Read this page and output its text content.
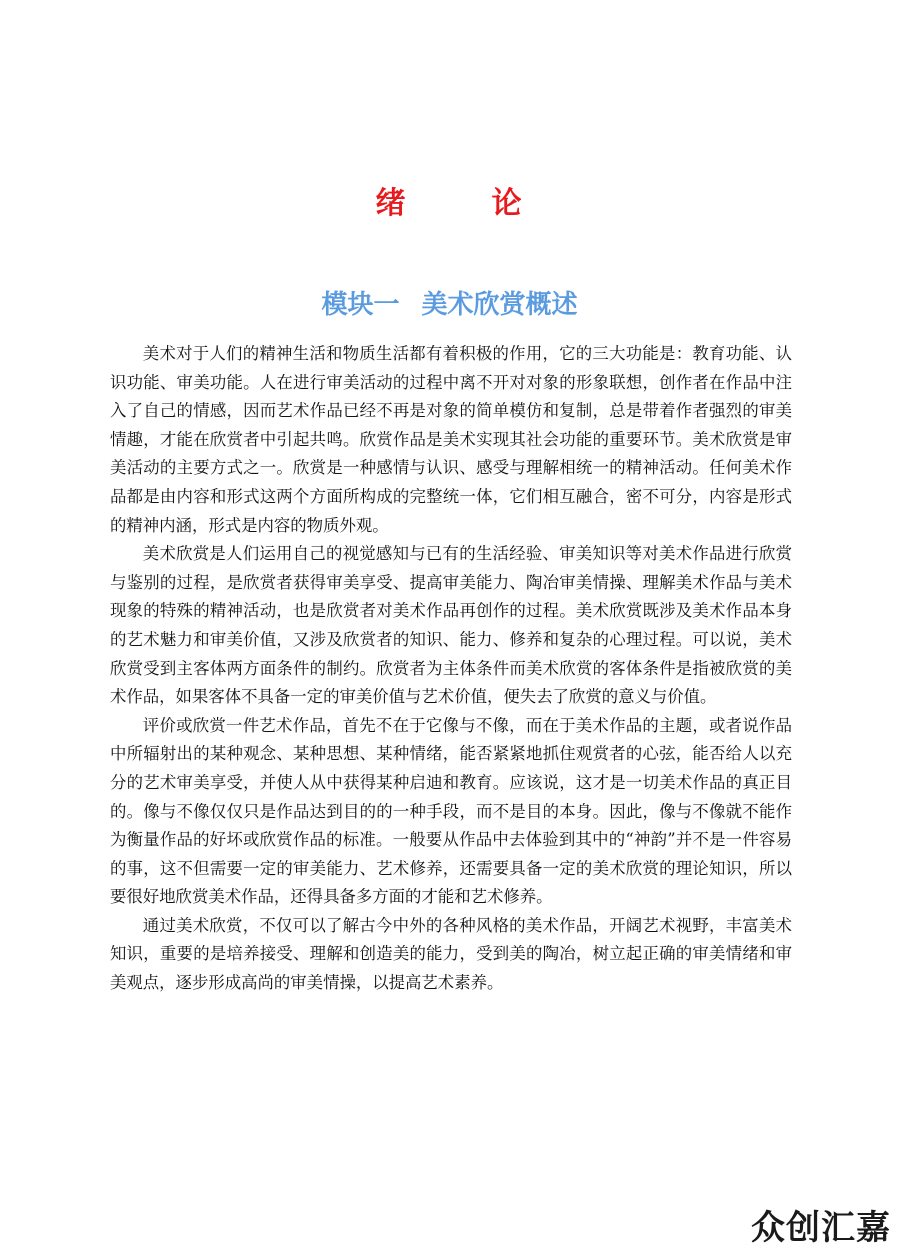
绪	论
模块一 美术欣赏概述

美术对于人们的精神生活和物质生活都有着积极的作用，它的三大功能是：教育功能、认识功能、审美功能。人在进行审美活动的过程中离不开对对象的形象联想，创作者在作品中注入了自己的情感，因而艺术作品已经不再是对象的简单模仿和复制，总是带着作者强烈的审美情趣，才能在欣赏者中引起共鸣。欣赏作品是美术实现其社会功能的重要环节。美术欣赏是审美活动的主要方式之一。欣赏是一种感情与认识、感受与理解相统一的精神活动。任何美术作品都是由内容和形式这两个方面所构成的完整统一体，它们相互融合，密不可分，内容是形式的精神内涵，形式是内容的物质外观。

美术欣赏是人们运用自己的视觉感知与已有的生活经验、审美知识等对美术作品进行欣赏与鉴别的过程，是欣赏者获得审美享受、提高审美能力、陶冶审美情操、理解美术作品与美术现象的特殊的精神活动，也是欣赏者对美术作品再创作的过程。美术欣赏既涉及美术作品本身的艺术魅力和审美价值，又涉及欣赏者的知识、能力、修养和复杂的心理过程。可以说，美术欣赏受到主客体两方面条件的制约。欣赏者为主体条件而美术欣赏的客体条件是指被欣赏的美术作品，如果客体不具备一定的审美价值与艺术价值，便失去了欣赏的意义与价值。

评价或欣赏一件艺术作品，首先不在于它像与不像，而在于美术作品的主题，或者说作品中所辐射出的某种观念、某种思想、某种情绪，能否紧紧地抓住观赏者的心弦，能否给人以充分的艺术审美享受，并使人从中获得某种启迪和教育。应该说，这才是一切美术作品的真正目的。像与不像仅仅只是作品达到目的的一种手段，而不是目的本身。因此，像与不像就不能作为衡量作品的好坏或欣赏作品的标准。一般要从作品中去体验到其中的“神韵”并不是一件容易的事，这不但需要一定的审美能力、艺术修养，还需要具备一定的美术欣赏的理论知识，所以要很好地欣赏美术作品，还得具备多方面的才能和艺术修养。

通过美术欣赏，不仅可以了解古今中外的各种风格的美术作品，开阔艺术视野，丰富美术知识，重要的是培养接受、理解和创造美的能力，受到美的陶冶，树立起正确的审美情绪和审美观点，逐步形成高尚的审美情操，以提高艺术素养。

众创汇嘉
